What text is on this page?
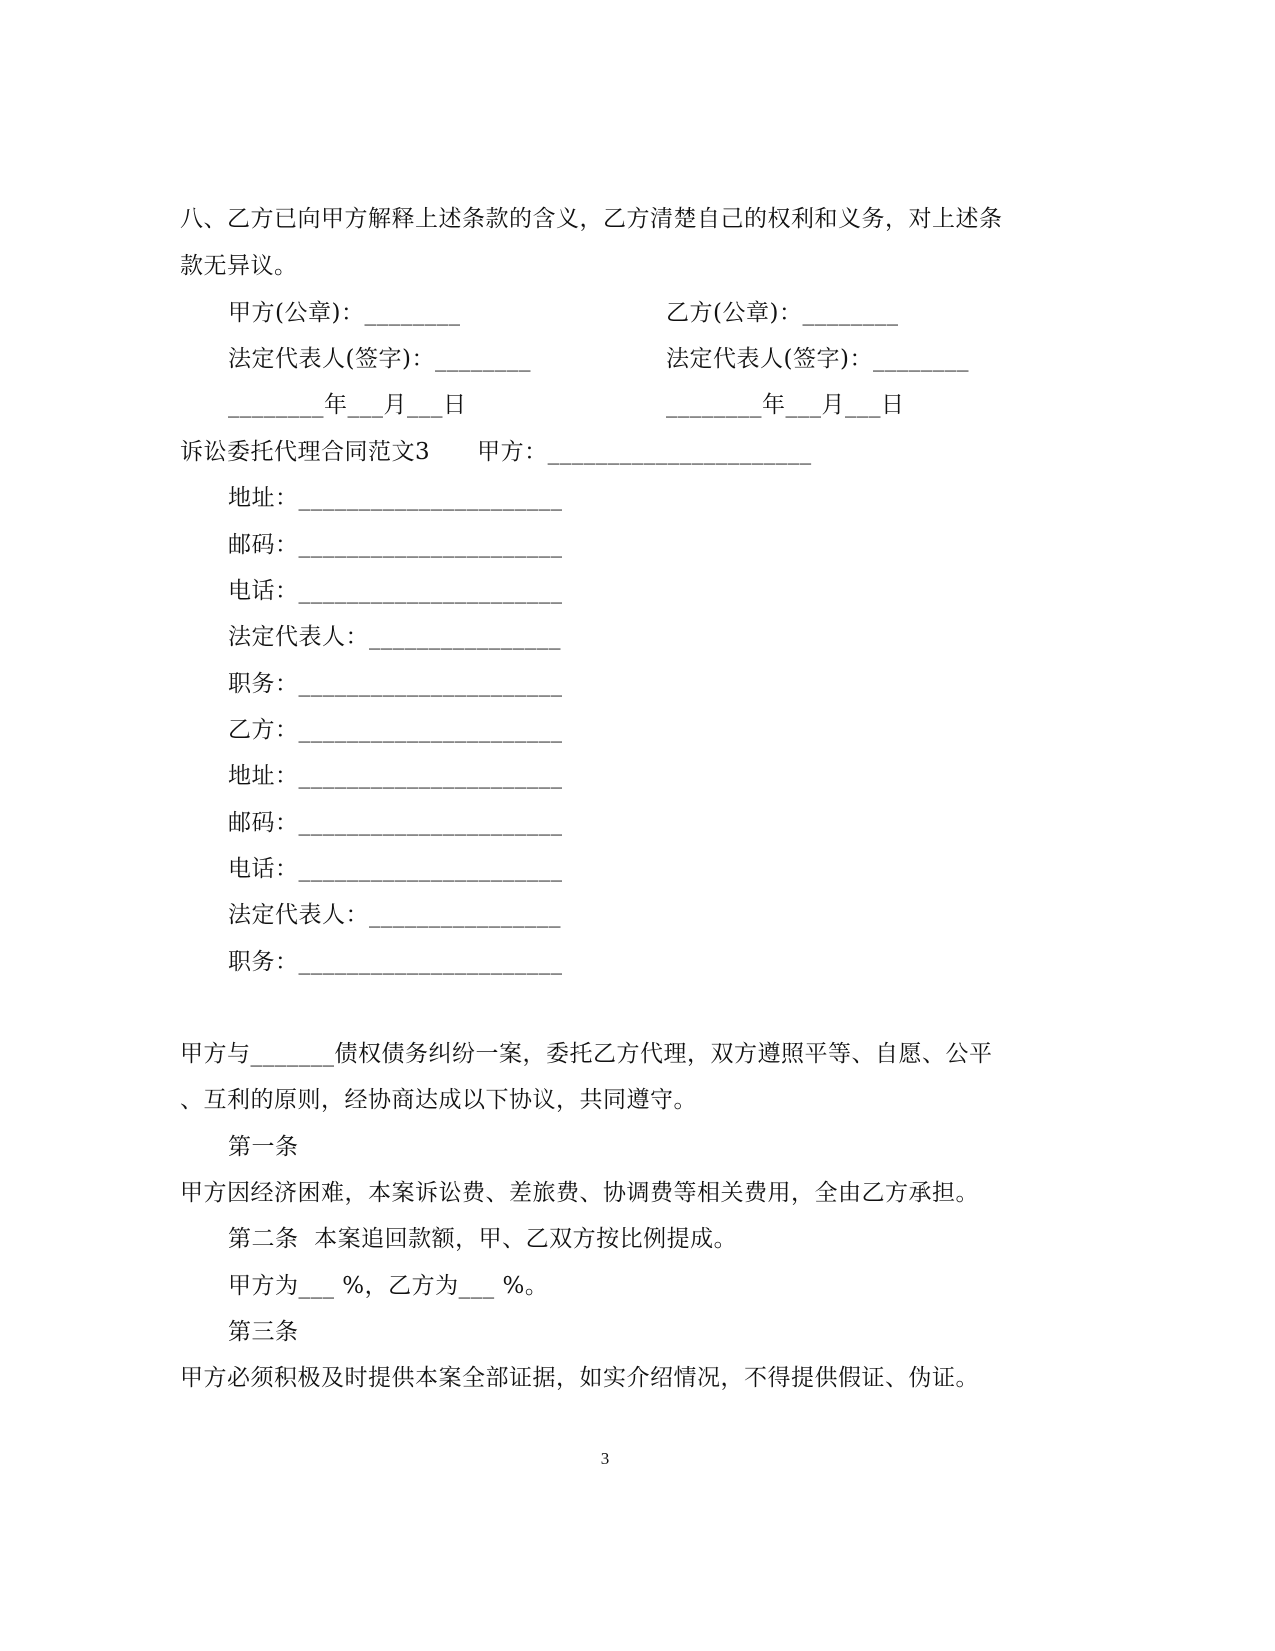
八、乙方已向甲方解释上述条款的含义，乙方清楚自己的权利和义务，对上述条
款无异议。
甲方(公章)：________	乙方(公章)：________
法定代表人(签字)：________	法定代表人(签字)：________
________年___月___日	________年___月___日
诉讼委托代理合同范文3　　甲方：______________________
地址：______________________
邮码：______________________
电话：______________________
法定代表人：________________
职务：______________________
乙方：______________________
地址：______________________
邮码：______________________
电话：______________________
法定代表人：________________
职务：______________________
甲方与_______债权债务纠纷一案，委托乙方代理，双方遵照平等、自愿、公平
、互利的原则，经协商达成以下协议，共同遵守。
第一条
甲方因经济困难，本案诉讼费、差旅费、协调费等相关费用，全由乙方承担。
第二条  本案追回款额，甲、乙双方按比例提成。
甲方为___ %，乙方为___ %。
第三条
甲方必须积极及时提供本案全部证据，如实介绍情况，不得提供假证、伪证。
3
